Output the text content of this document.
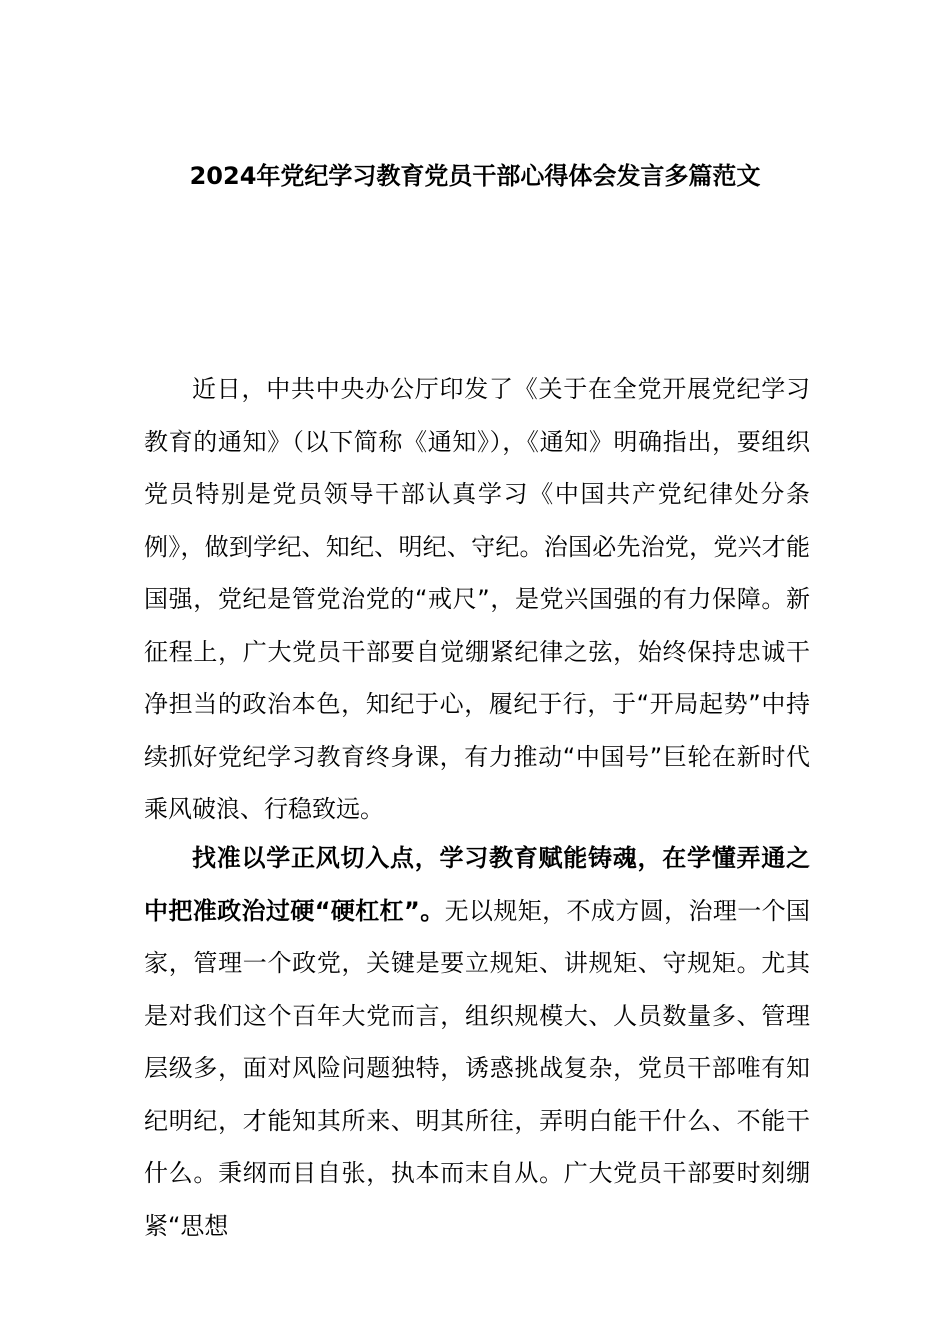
2024年党纪学习教育党员干部心得体会发言多篇范文

近日，中共中央办公厅印发了《关于在全党开展党纪学习教育的通知》（以下简称《通知》），《通知》明确指出，要组织党员特别是党员领导干部认真学习《中国共产党纪律处分条例》，做到学纪、知纪、明纪、守纪。治国必先治党，党兴才能国强，党纪是管党治党的“戒尺”，是党兴国强的有力保障。新征程上，广大党员干部要自觉绷紧纪律之弦，始终保持忠诚干净担当的政治本色，知纪于心，履纪于行，于“开局起势”中持续抓好党纪学习教育终身课，有力推动“中国号”巨轮在新时代乘风破浪、行稳致远。

找准以学正风切入点，学习教育赋能铸魂，在学懂弄通之中把准政治过硬“硬杠杠”。无以规矩，不成方圆，治理一个国家，管理一个政党，关键是要立规矩、讲规矩、守规矩。尤其是对我们这个百年大党而言，组织规模大、人员数量多、管理层级多，面对风险问题独特，诱惑挑战复杂，党员干部唯有知纪明纪，才能知其所来、明其所往，弄明白能干什么、不能干什么。秉纲而目自张，执本而末自从。广大党员干部要时刻绷紧“思想
